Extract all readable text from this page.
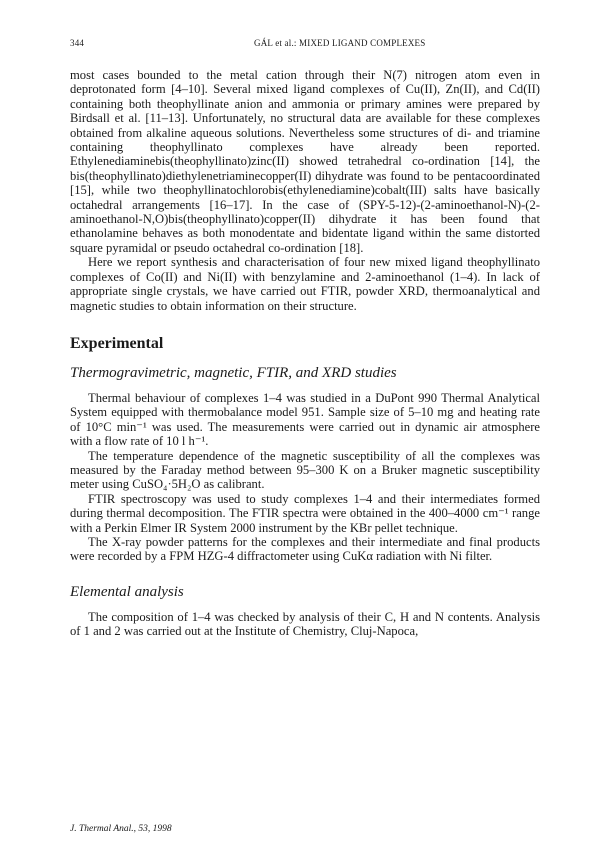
344	GÁL et al.: MIXED LIGAND COMPLEXES

most cases bounded to the metal cation through their N(7) nitrogen atom even in deprotonated form [4–10]. Several mixed ligand complexes of Cu(II), Zn(II), and Cd(II) containing both theophyllinate anion and ammonia or primary amines were prepared by Birdsall et al. [11–13]. Unfortunately, no structural data are available for these complexes obtained from alkaline aqueous solutions. Nevertheless some structures of di- and triamine containing theophyllinato complexes have already been reported. Ethylenediaminebis(theophyllinato)zinc(II) showed tetrahedral co-ordination [14], the bis(theophyllinato)diethylenetriaminecopper(II) dihydrate was found to be pentacoordinated [15], while two theophyllinatochlorobis(ethylenediamine)cobalt(III) salts have basically octahedral arrangements [16–17]. In the case of (SPY-5-12)-(2-aminoethanol-N)-(2-aminoethanol-N,O)bis(theophyllinato)copper(II) dihydrate it has been found that ethanolamine behaves as both monodentate and bidentate ligand within the same distorted square pyramidal or pseudo octahedral co-ordination [18].

Here we report synthesis and characterisation of four new mixed ligand theophyllinato complexes of Co(II) and Ni(II) with benzylamine and 2-aminoethanol (1–4). In lack of appropriate single crystals, we have carried out FTIR, powder XRD, thermoanalytical and magnetic studies to obtain information on their structure.

Experimental
Thermogravimetric, magnetic, FTIR, and XRD studies

Thermal behaviour of complexes 1–4 was studied in a DuPont 990 Thermal Analytical System equipped with thermobalance model 951. Sample size of 5–10 mg and heating rate of 10°C min⁻¹ was used. The measurements were carried out in dynamic air atmosphere with a flow rate of 10 l h⁻¹.

The temperature dependence of the magnetic susceptibility of all the complexes was measured by the Faraday method between 95–300 K on a Bruker magnetic susceptibility meter using CuSO₄·5H₂O as calibrant.

FTIR spectroscopy was used to study complexes 1–4 and their intermediates formed during thermal decomposition. The FTIR spectra were obtained in the 400–4000 cm⁻¹ range with a Perkin Elmer IR System 2000 instrument by the KBr pellet technique.

The X-ray powder patterns for the complexes and their intermediate and final products were recorded by a FPM HZG-4 diffractometer using CuKα radiation with Ni filter.

Elemental analysis

The composition of 1–4 was checked by analysis of their C, H and N contents. Analysis of 1 and 2 was carried out at the Institute of Chemistry, Cluj-Napoca,

J. Thermal Anal., 53, 1998
